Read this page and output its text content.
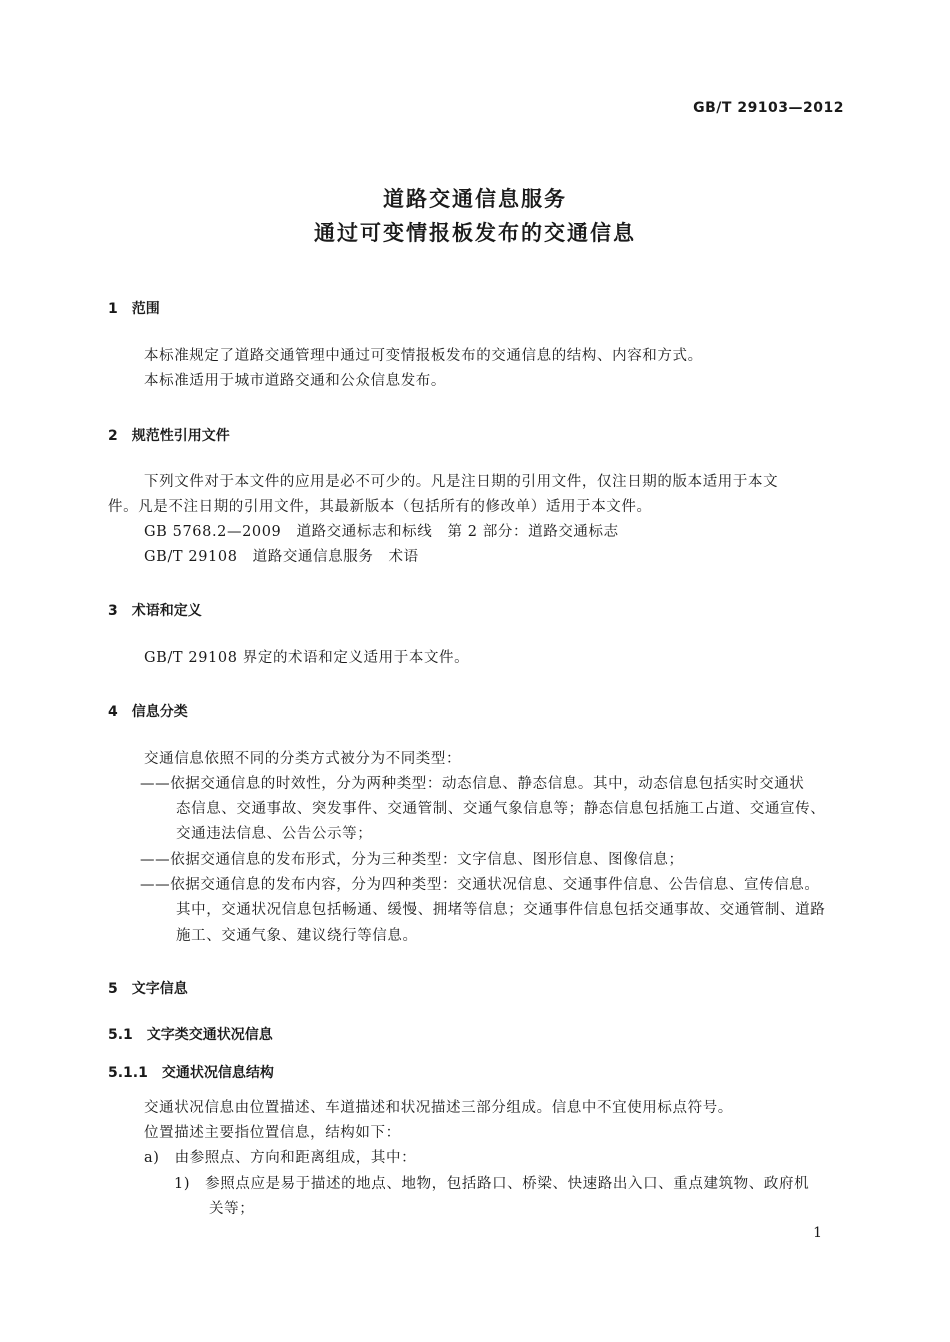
GB/T 29103—2012
道路交通信息服务
通过可变情报板发布的交通信息
1　范围
本标准规定了道路交通管理中通过可变情报板发布的交通信息的结构、内容和方式。
本标准适用于城市道路交通和公众信息发布。
2　规范性引用文件
下列文件对于本文件的应用是必不可少的。凡是注日期的引用文件，仅注日期的版本适用于本文
件。凡是不注日期的引用文件，其最新版本（包括所有的修改单）适用于本文件。
GB 5768.2—2009　道路交通标志和标线　第 2 部分：道路交通标志
GB/T 29108　道路交通信息服务　术语
3　术语和定义
GB/T 29108 界定的术语和定义适用于本文件。
4　信息分类
交通信息依照不同的分类方式被分为不同类型：
——依据交通信息的时效性，分为两种类型：动态信息、静态信息。其中，动态信息包括实时交通状
态信息、交通事故、突发事件、交通管制、交通气象信息等；静态信息包括施工占道、交通宣传、
交通违法信息、公告公示等；
——依据交通信息的发布形式，分为三种类型：文字信息、图形信息、图像信息；
——依据交通信息的发布内容，分为四种类型：交通状况信息、交通事件信息、公告信息、宣传信息。
其中，交通状况信息包括畅通、缓慢、拥堵等信息；交通事件信息包括交通事故、交通管制、道路
施工、交通气象、建议绕行等信息。
5　文字信息
5.1　文字类交通状况信息
5.1.1　交通状况信息结构
交通状况信息由位置描述、车道描述和状况描述三部分组成。信息中不宜使用标点符号。
位置描述主要指位置信息，结构如下：
a)　由参照点、方向和距离组成，其中：
1)　参照点应是易于描述的地点、地物，包括路口、桥梁、快速路出入口、重点建筑物、政府机
关等；
1
